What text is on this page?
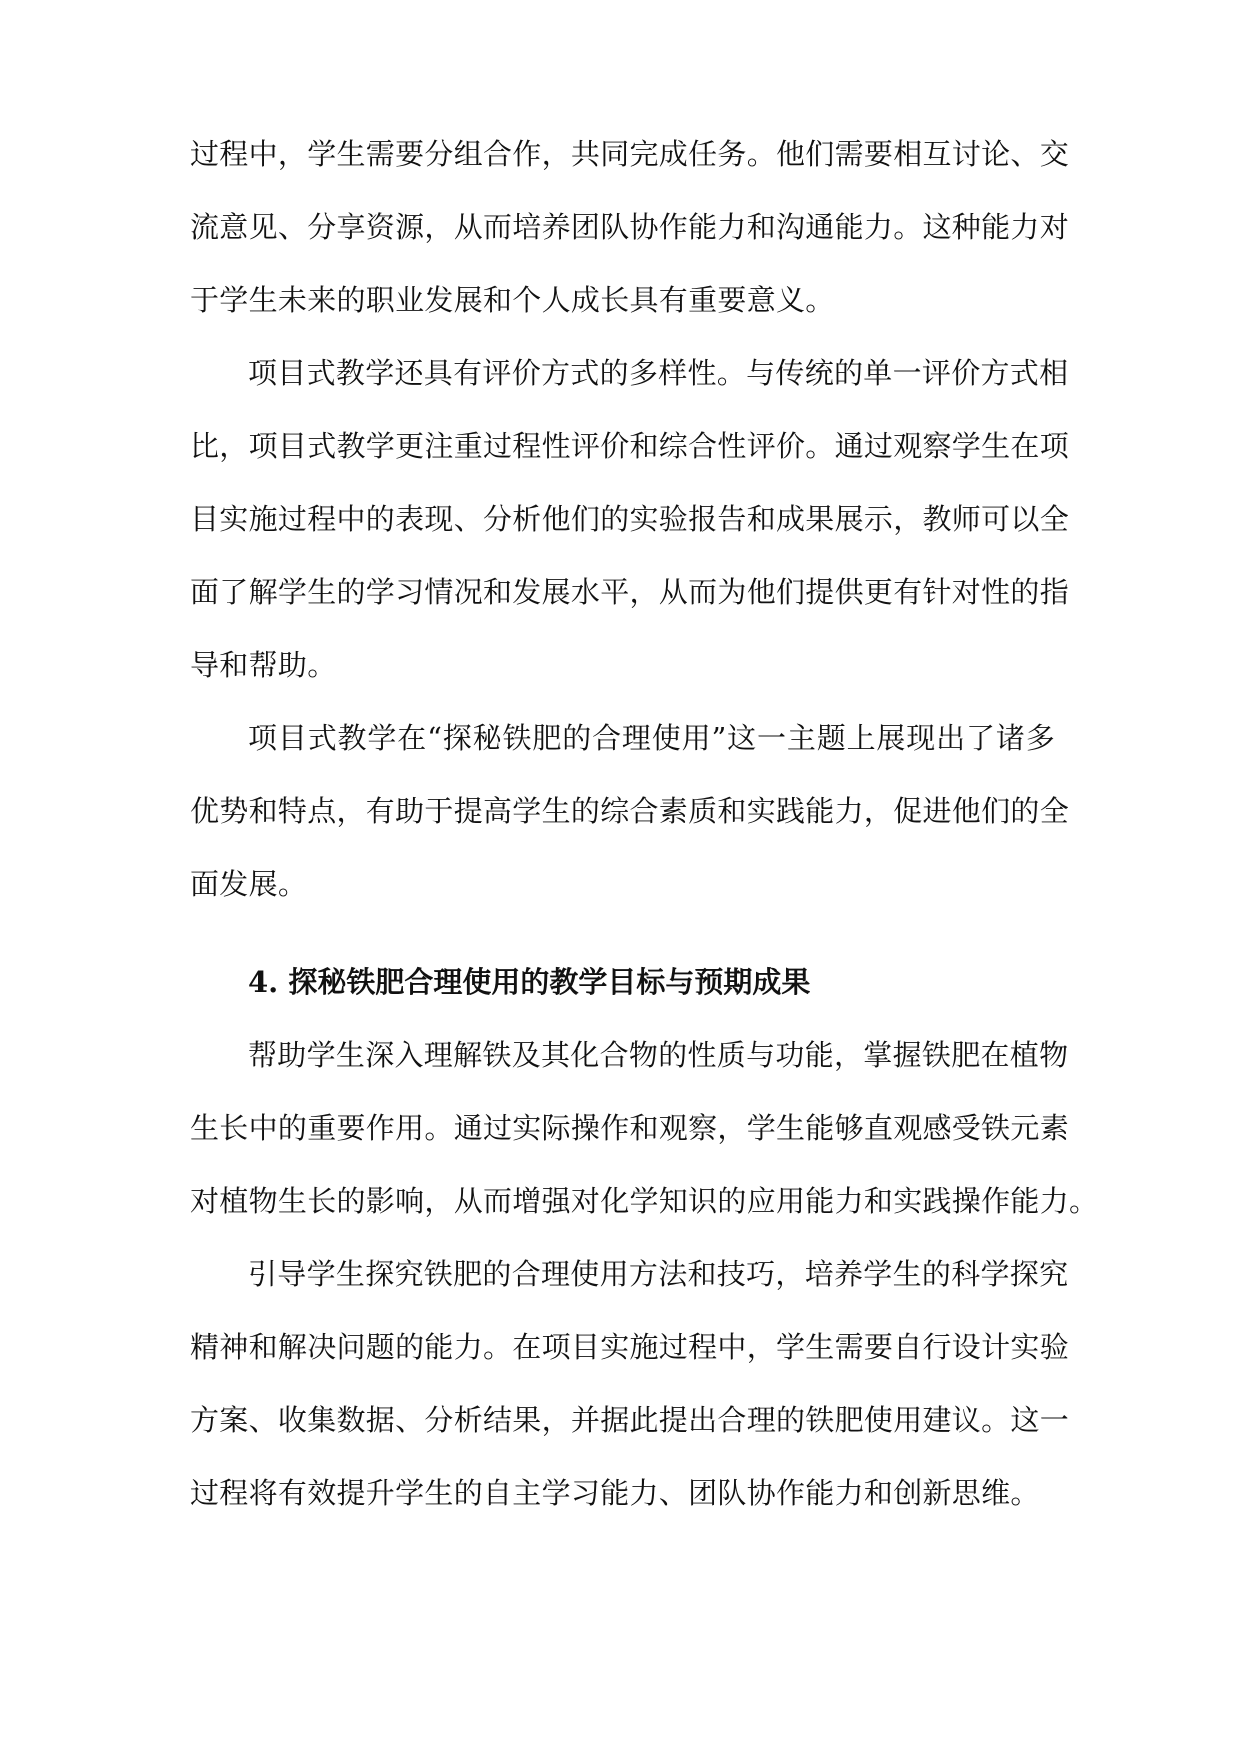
过程中，学生需要分组合作，共同完成任务。他们需要相互讨论、交
流意见、分享资源，从而培养团队协作能力和沟通能力。这种能力对
于学生未来的职业发展和个人成长具有重要意义。
项目式教学还具有评价方式的多样性。与传统的单一评价方式相
比，项目式教学更注重过程性评价和综合性评价。通过观察学生在项
目实施过程中的表现、分析他们的实验报告和成果展示，教师可以全
面了解学生的学习情况和发展水平，从而为他们提供更有针对性的指
导和帮助。
项目式教学在“探秘铁肥的合理使用”这一主题上展现出了诸多
优势和特点，有助于提高学生的综合素质和实践能力，促进他们的全
面发展。
4. 探秘铁肥合理使用的教学目标与预期成果
帮助学生深入理解铁及其化合物的性质与功能，掌握铁肥在植物
生长中的重要作用。通过实际操作和观察，学生能够直观感受铁元素
对植物生长的影响，从而增强对化学知识的应用能力和实践操作能力。
引导学生探究铁肥的合理使用方法和技巧，培养学生的科学探究
精神和解决问题的能力。在项目实施过程中，学生需要自行设计实验
方案、收集数据、分析结果，并据此提出合理的铁肥使用建议。这一
过程将有效提升学生的自主学习能力、团队协作能力和创新思维。
